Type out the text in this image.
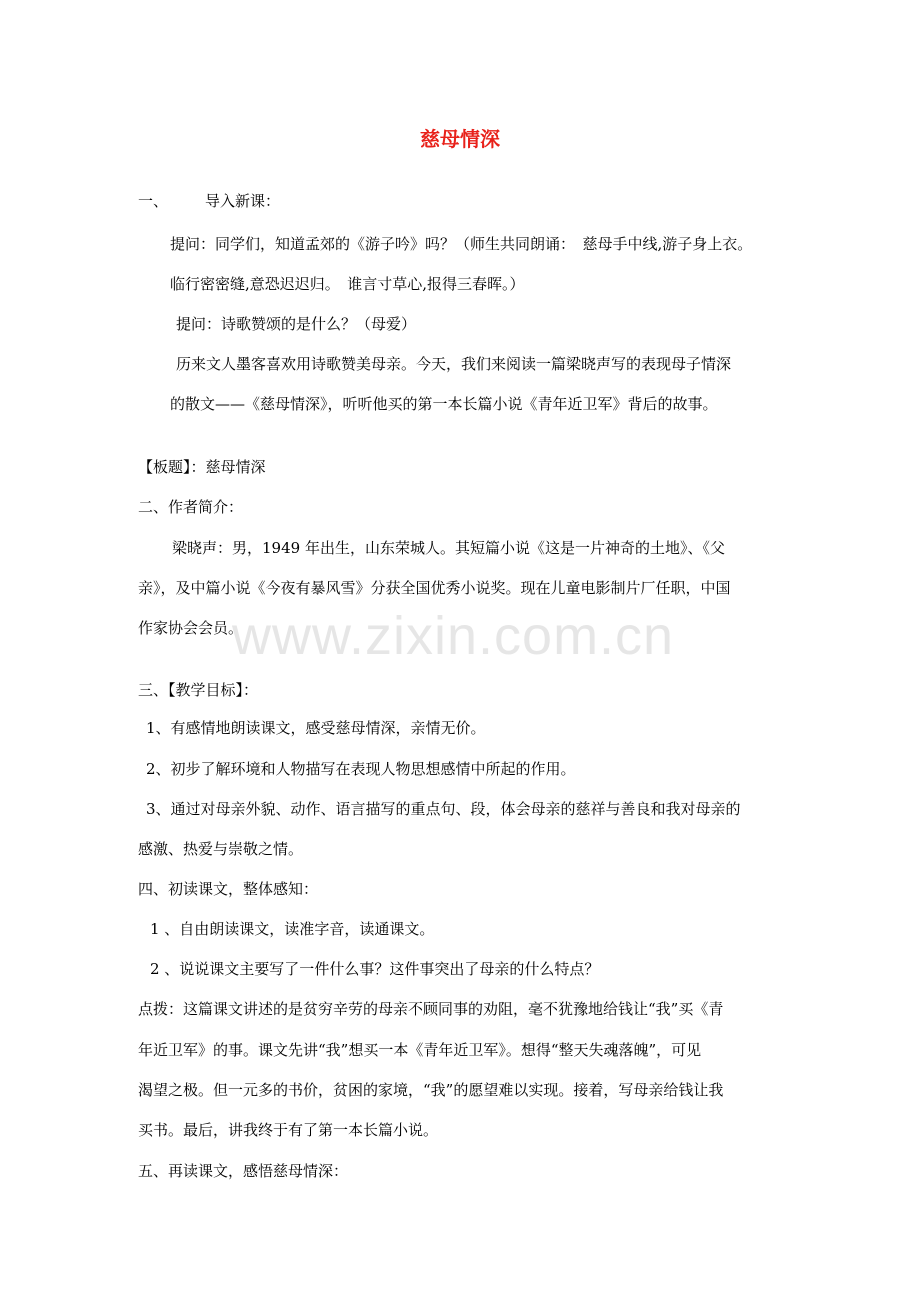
慈母情深
一、 导入新课：
提问：同学们，知道孟郊的《游子吟》吗？（师生共同朗诵：　慈母手中线,游子身上衣。
临行密密缝,意恐迟迟归。　谁言寸草心,报得三春晖。）
提问：诗歌赞颂的是什么？（母爱）
历来文人墨客喜欢用诗歌赞美母亲。今天，我们来阅读一篇梁晓声写的表现母子情深
的散文——《慈母情深》，听听他买的第一本长篇小说《青年近卫军》背后的故事。
【板题】：慈母情深
二、作者简介：
梁晓声：男，1949 年出生，山东荣城人。其短篇小说《这是一片神奇的土地》、《父
亲》，及中篇小说《今夜有暴风雪》分获全国优秀小说奖。现在儿童电影制片厂任职，中国
作家协会会员。
三、【教学目标】：
1、有感情地朗读课文，感受慈母情深，亲情无价。
2、初步了解环境和人物描写在表现人物思想感情中所起的作用。
3、通过对母亲外貌、动作、语言描写的重点句、段，体会母亲的慈祥与善良和我对母亲的
感激、热爱与崇敬之情。
四、初读课文，整体感知：
1 、自由朗读课文，读准字音，读通课文。
2 、说说课文主要写了一件什么事？这件事突出了母亲的什么特点？
点拨：这篇课文讲述的是贫穷辛劳的母亲不顾同事的劝阻，毫不犹豫地给钱让“我”买《青
年近卫军》的事。课文先讲“我”想买一本《青年近卫军》。想得“整天失魂落魄”，可见
渴望之极。但一元多的书价，贫困的家境，“我”的愿望难以实现。接着，写母亲给钱让我
买书。最后，讲我终于有了第一本长篇小说。
五、再读课文，感悟慈母情深：
www.zixin.com.cn
